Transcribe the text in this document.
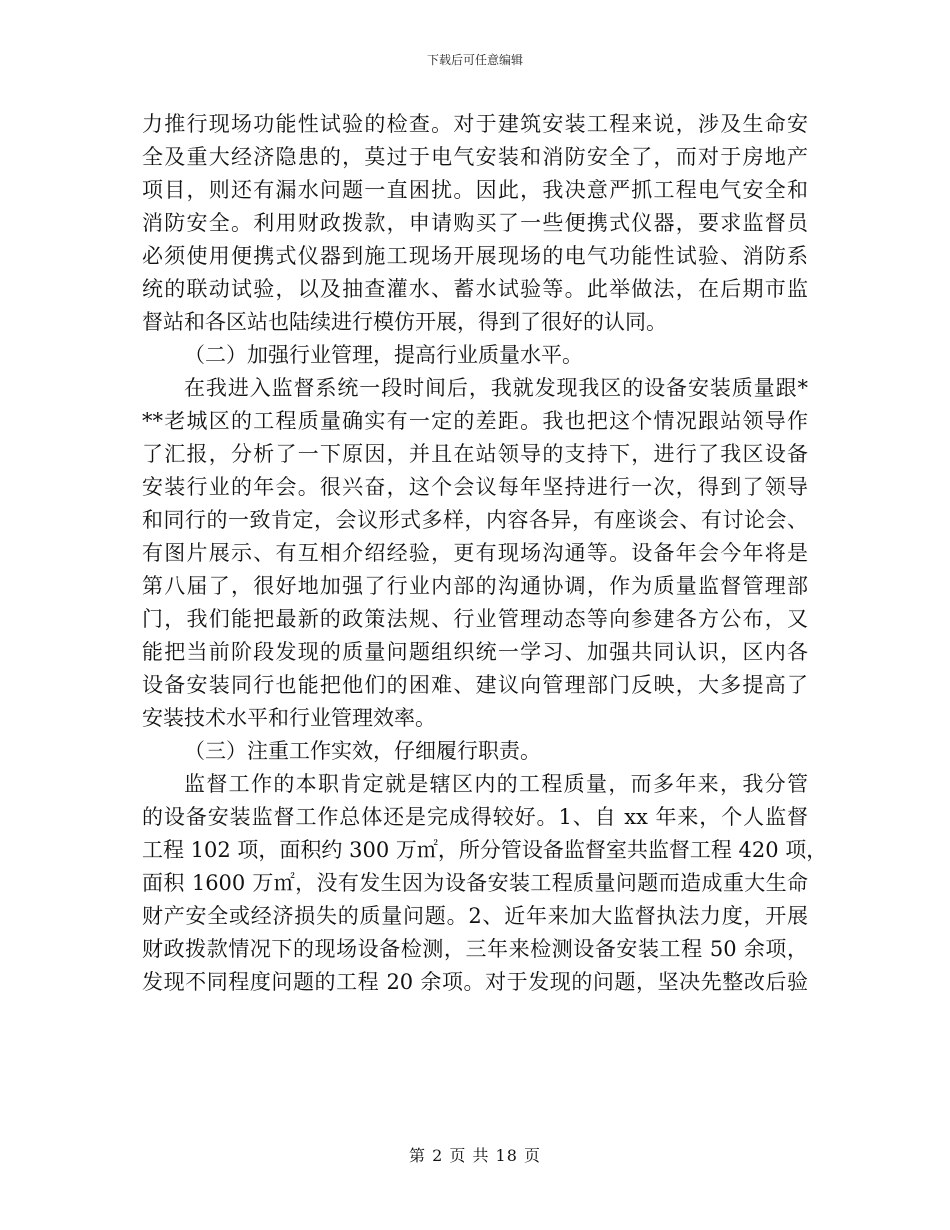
下载后可任意编辑

力推行现场功能性试验的检查。对于建筑安装工程来说，涉及生命安

全及重大经济隐患的，莫过于电气安装和消防安全了，而对于房地产

项目，则还有漏水问题一直困扰。因此，我决意严抓工程电气安全和

消防安全。利用财政拨款，申请购买了一些便携式仪器，要求监督员

必须使用便携式仪器到施工现场开展现场的电气功能性试验、消防系

统的联动试验，以及抽查灌水、蓄水试验等。此举做法，在后期市监

督站和各区站也陆续进行模仿开展，得到了很好的认同。

（二）加强行业管理，提高行业质量水平。

在我进入监督系统一段时间后，我就发现我区的设备安装质量跟*

**老城区的工程质量确实有一定的差距。我也把这个情况跟站领导作

了汇报，分析了一下原因，并且在站领导的支持下，进行了我区设备

安装行业的年会。很兴奋，这个会议每年坚持进行一次，得到了领导

和同行的一致肯定，会议形式多样，内容各异，有座谈会、有讨论会、

有图片展示、有互相介绍经验，更有现场沟通等。设备年会今年将是

第八届了，很好地加强了行业内部的沟通协调，作为质量监督管理部

门，我们能把最新的政策法规、行业管理动态等向参建各方公布，又

能把当前阶段发现的质量问题组织统一学习、加强共同认识，区内各

设备安装同行也能把他们的困难、建议向管理部门反映，大多提高了

安装技术水平和行业管理效率。

（三）注重工作实效，仔细履行职责。

监督工作的本职肯定就是辖区内的工程质量，而多年来，我分管

的设备安装监督工作总体还是完成得较好。1、自 xx 年来，个人监督

工程 102 项，面积约 300 万㎡，所分管设备监督室共监督工程 420 项，

面积 1600 万㎡，没有发生因为设备安装工程质量问题而造成重大生命

财产安全或经济损失的质量问题。2、近年来加大监督执法力度，开展

财政拨款情况下的现场设备检测，三年来检测设备安装工程 50 余项，

发现不同程度问题的工程 20 余项。对于发现的问题，坚决先整改后验

第 2 页 共 18 页
